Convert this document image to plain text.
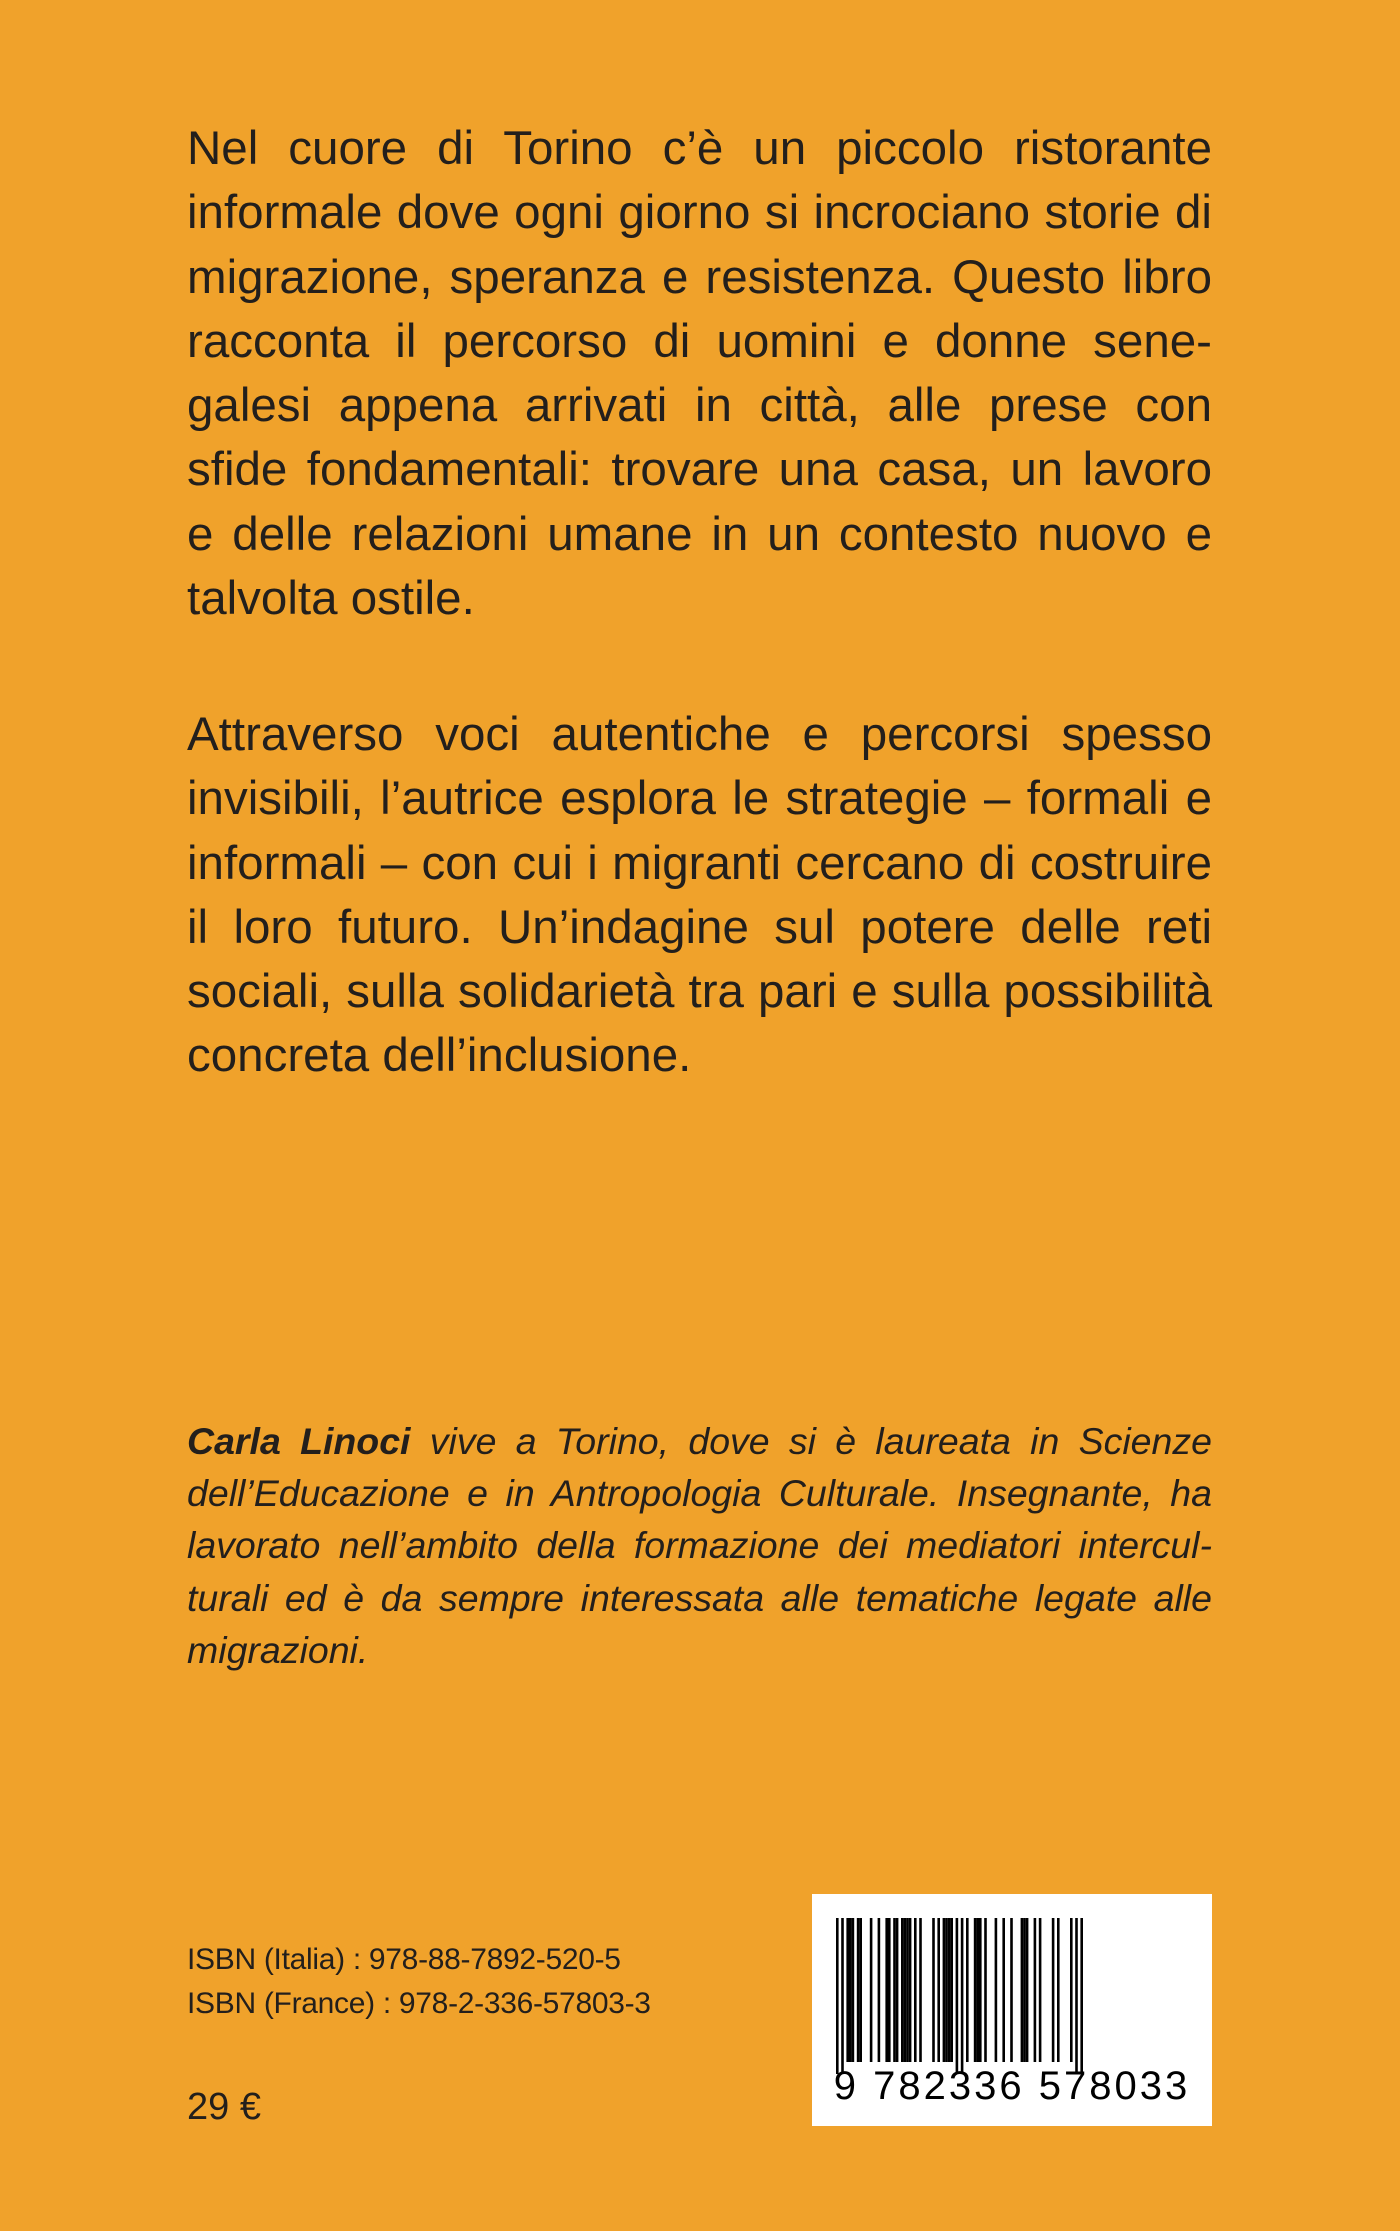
Nel cuore di Torino c’è un piccolo ristorante informale dove ogni giorno si incrociano storie di migrazione, speranza e resistenza. Questo libro racconta il percorso di uomini e donne senegalesi appena arrivati in città, alle prese con sfide fondamentali: trovare una casa, un lavoro e delle relazioni umane in un contesto nuovo e talvolta ostile.

Attraverso voci autentiche e percorsi spesso invisibili, l’autrice esplora le strategie – formali e informali – con cui i migranti cercano di costruire il loro futuro. Un’indagine sul potere delle reti sociali, sulla solidarietà tra pari e sulla possibilità concreta dell’inclusione.

Carla Linoci vive a Torino, dove si è laureata in Scienze dell’Educazione e in Antropologia Culturale. Insegnante, ha lavorato nell’ambito della formazione dei mediatori interculturali ed è da sempre interessata alle tematiche legate alle migrazioni.

ISBN (Italia) : 978-88-7892-520-5
ISBN (France) : 978-2-336-57803-3
29 €	9 782336 578033
